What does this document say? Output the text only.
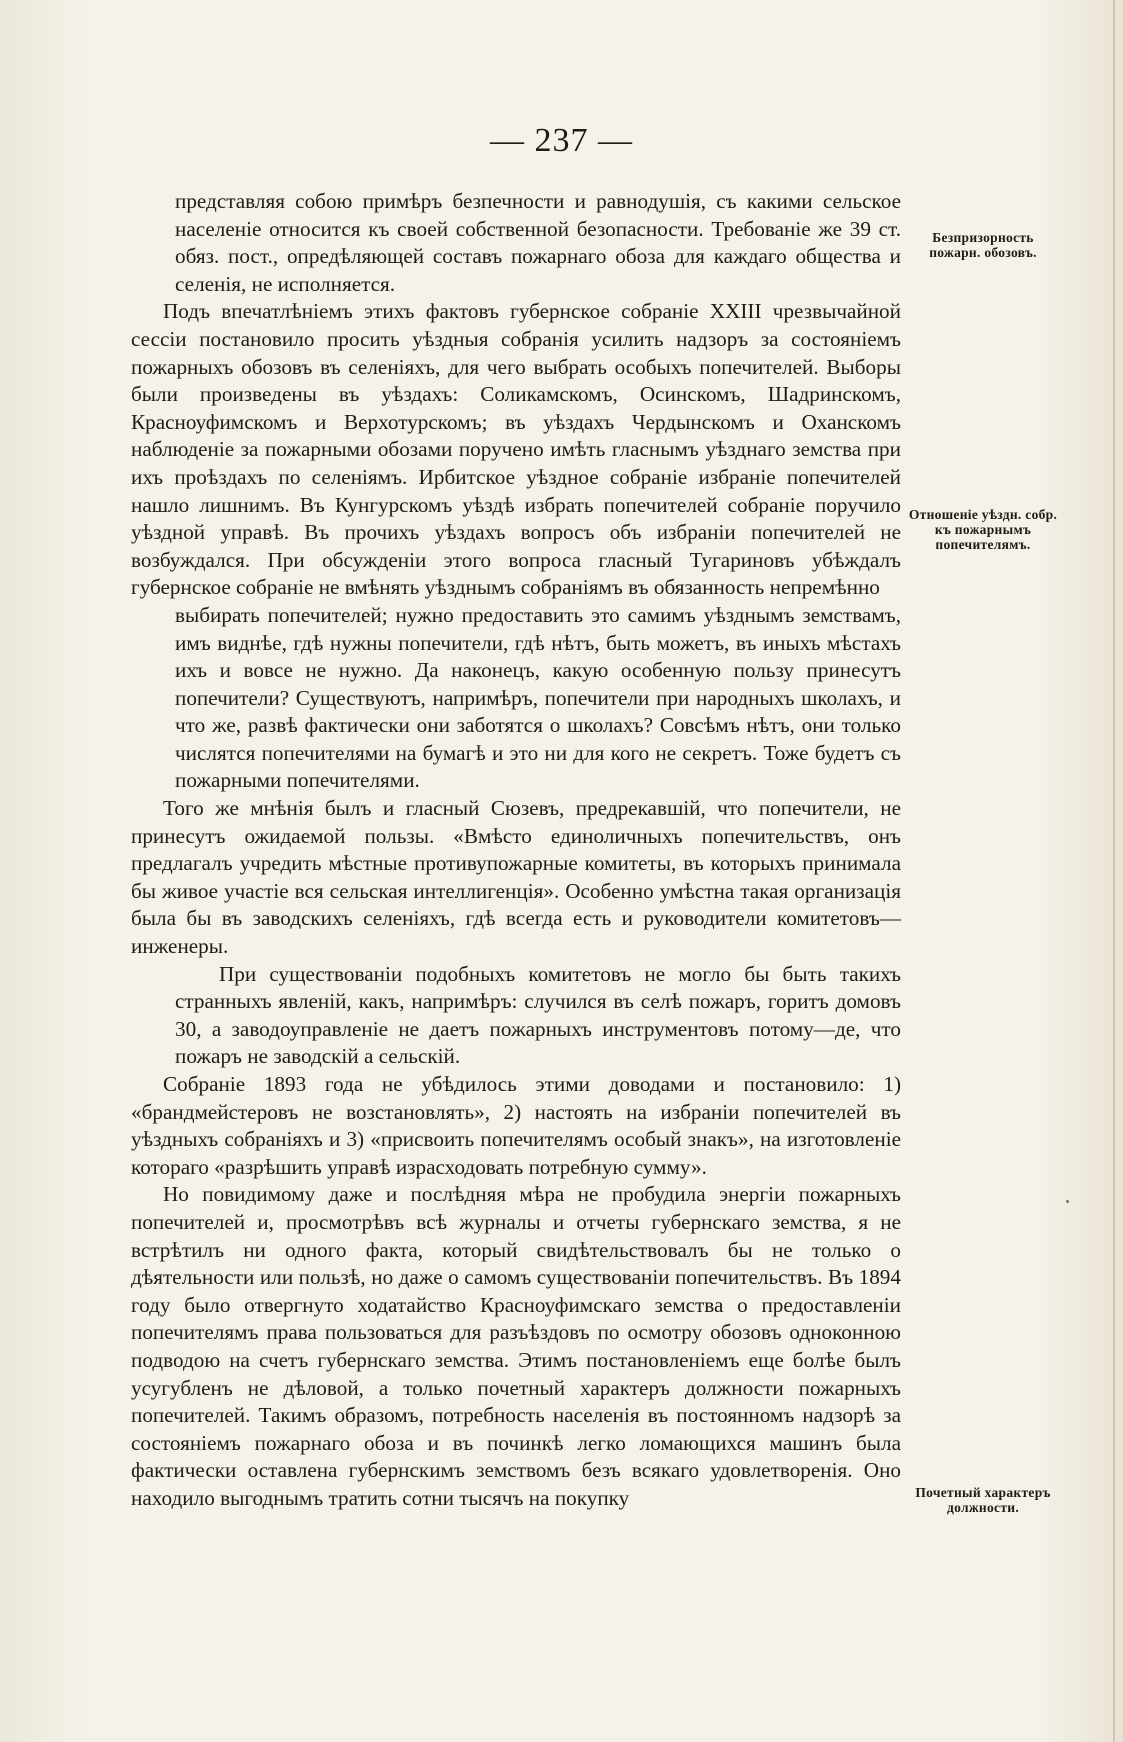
— 237 —

представляя собою примѣръ безпечности и равнодушія, съ какими сельское населеніе относится къ своей собственной безопасности. Требованіе же 39 ст. обяз. пост., опредѣляющей составъ пожарнаго обоза для каждаго общества и селенія, не исполняется.

Подъ впечатлѣніемъ этихъ фактовъ губернское собраніе XXIII чрезвычайной сессіи постановило просить уѣздныя собранія усилить надзоръ за состояніемъ пожарныхъ обозовъ въ селеніяхъ, для чего выбрать особыхъ попечителей. Выборы были произведены въ уѣздахъ: Соликамскомъ, Осинскомъ, Шадринскомъ, Красноуфимскомъ и Верхотурскомъ; въ уѣздахъ Чердынскомъ и Оханскомъ наблюденіе за пожарными обозами поручено имѣть гласнымъ уѣзднаго земства при ихъ проѣздахъ по селеніямъ. Ирбитское уѣздное собраніе избраніе попечителей нашло лишнимъ. Въ Кунгурскомъ уѣздѣ избрать попечителей собраніе поручило уѣздной управѣ. Въ прочихъ уѣздахъ вопросъ объ избраніи попечителей не возбуждался. При обсужденіи этого вопроса гласный Тугариновъ убѣждалъ губернское собраніе не вмѣнять уѣзднымъ собраніямъ въ обязанность непремѣнно

выбирать попечителей; нужно предоставить это самимъ уѣзднымъ земствамъ, имъ виднѣе, гдѣ нужны попечители, гдѣ нѣтъ, быть можетъ, въ иныхъ мѣстахъ ихъ и вовсе не нужно. Да наконецъ, какую особенную пользу принесутъ попечители? Существуютъ, напримѣръ, попечители при народныхъ школахъ, и что же, развѣ фактически они заботятся о школахъ? Совсѣмъ нѣтъ, они только числятся попечителями на бумагѣ и это ни для кого не секретъ. Тоже будетъ съ пожарными попечителями.

Того же мнѣнія былъ и гласный Сюзевъ, предрекавшій, что попечители, не принесутъ ожидаемой пользы. «Вмѣсто единоличныхъ попечительствъ, онъ предлагалъ учредить мѣстные противупожарные комитеты, въ которыхъ принимала бы живое участіе вся сельская интеллигенція». Особенно умѣстна такая организація была бы въ заводскихъ селеніяхъ, гдѣ всегда есть и руководители комитетовъ—инженеры.

При существованіи подобныхъ комитетовъ не могло бы быть такихъ странныхъ явленій, какъ, напримѣръ: случился въ селѣ пожаръ, горитъ домовъ 30, а заводоуправленіе не даетъ пожарныхъ инструментовъ потому—де, что пожаръ не заводскій а сельскій.

Собраніе 1893 года не убѣдилось этими доводами и постановило: 1) «брандмейстеровъ не возстановлять», 2) настоять на избраніи попечителей въ уѣздныхъ собраніяхъ и 3) «присвоить попечителямъ особый знакъ», на изготовленіе котораго «разрѣшить управѣ израсходовать потребную сумму».

Но повидимому даже и послѣдняя мѣра не пробудила энергіи пожарныхъ попечителей и, просмотрѣвъ всѣ журналы и отчеты губернскаго земства, я не встрѣтилъ ни одного факта, который свидѣтельствовалъ бы не только о дѣятельности или пользѣ, но даже о самомъ существованіи попечительствъ. Въ 1894 году было отвергнуто ходатайство Красноуфимскаго земства о предоставленіи попечителямъ права пользоваться для разъѣздовъ по осмотру обозовъ одноконною подводою на счетъ губернскаго земства. Этимъ постановленіемъ еще болѣе былъ усугубленъ не дѣловой, а только почетный характеръ должности пожарныхъ попечителей. Такимъ образомъ, потребность населенія въ постоянномъ надзорѣ за состояніемъ пожарнаго обоза и въ починкѣ легко ломающихся машинъ была фактически оставлена губернскимъ земствомъ безъ всякаго удовлетворенія. Оно находило выгоднымъ тратить сотни тысячъ на покупку

Безпризорность пожарн. обозовъ.
Отношеніе уѣздн. собр. къ пожарнымъ попечителямъ.
Почетный характеръ должности.
